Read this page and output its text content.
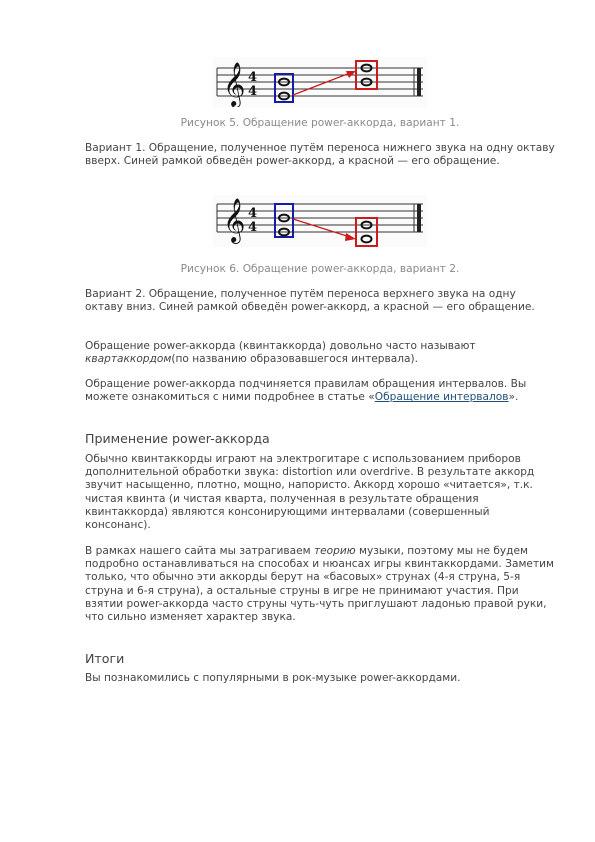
𝄞 4
4
Рисунок 5. Обращение power-аккорда, вариант 1.

Вариант 1. Обращение, полученное путём переноса нижнего звука на одну октаву вверх. Синей рамкой обведён power-аккорд, а красной — его обращение.

𝄞 4
4
Рисунок 6. Обращение power-аккорда, вариант 2.

Вариант 2. Обращение, полученное путём переноса верхнего звука на одну октаву вниз. Синей рамкой обведён power-аккорд, а красной — его обращение.

Обращение power-аккорда (квинтаккорда) довольно часто называют квартаккордом(по названию образовавшегося интервала).

Обращение power-аккорда подчиняется правилам обращения интервалов. Вы можете ознакомиться с ними подробнее в статье «Обращение интервалов».

Применение power-аккорда

Обычно квинтаккорды играют на электрогитаре с использованием приборов дополнительной обработки звука: distortion или overdrive. В результате аккорд звучит насыщенно, плотно, мощно, напористо. Аккорд хорошо «читается», т.к. чистая квинта (и чистая кварта, полученная в результате обращения квинтаккорда) являются консонирующими интервалами (совершенный консонанс).

В рамках нашего сайта мы затрагиваем теорию музыки, поэтому мы не будем подробно останавливаться на способах и нюансах игры квинтаккордами. Заметим только, что обычно эти аккорды берут на «басовых» струнах (4-я струна, 5-я струна и 6-я струна), а остальные струны в игре не принимают участия. При взятии power-аккорда часто струны чуть-чуть приглушают ладонью правой руки, что сильно изменяет характер звука.

Итоги

Вы познакомились с популярными в рок-музыке power-аккордами.
